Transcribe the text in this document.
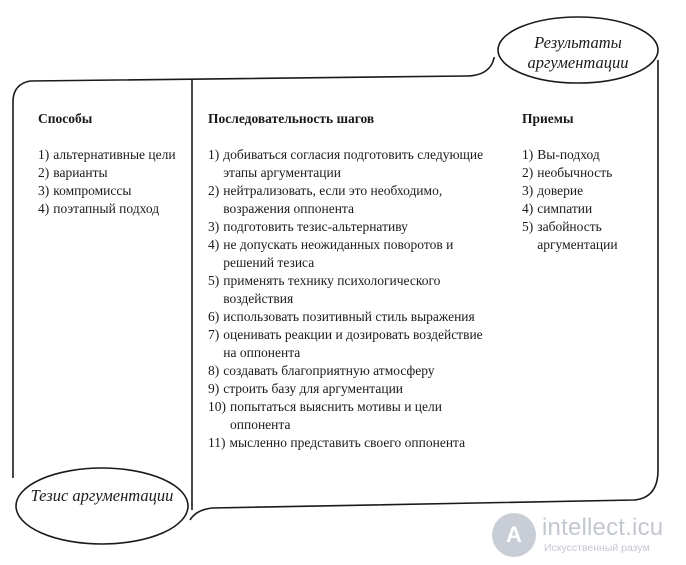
Результаты аргументации
Тезис аргументации
Способы
1) альтернативные цели
2) варианты
3) компромиссы
4) поэтапный подход
Последовательность шагов
1) добиваться согласия подготовить следующие этапы аргументации
2) нейтрализовать, если это необходимо, возражения оппонента
3) подготовить тезис-альтернативу
4) не допускать неожиданных поворотов и решений тезиса
5) применять технику психологического воздействия
6) использовать позитивный стиль выражения
7) оценивать реакции и дозировать воздействие на оппонента
8) создавать благоприятную атмосферу
9) строить базу для аргументации
10) попытаться выяснить мотивы и цели оппонента
11) мысленно представить своего оппонента
Приемы
1) Вы-подход
2) необычность
3) доверие
4) симпатии
5) забойность аргументации
A intellect.icu
Искусственный разум
